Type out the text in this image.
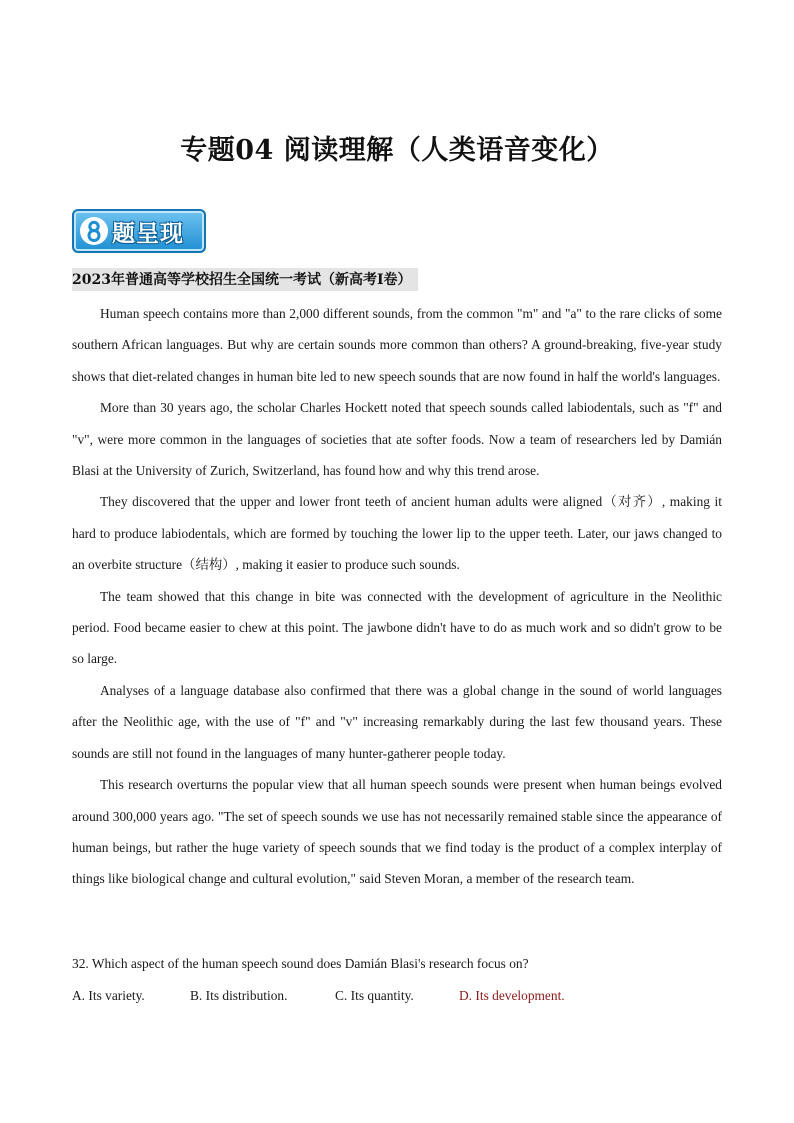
专题04 阅读理解（人类语音变化）
题呈现
2023年普通高等学校招生全国统一考试（新高考I卷）

Human speech contains more than 2,000 different sounds, from the common "m" and "a" to the rare clicks of some southern African languages. But why are certain sounds more common than others? A ground-breaking, five-year study shows that diet-related changes in human bite led to new speech sounds that are now found in half the world's languages.

More than 30 years ago, the scholar Charles Hockett noted that speech sounds called labiodentals, such as "f" and "v", were more common in the languages of societies that ate softer foods. Now a team of researchers led by Damián Blasi at the University of Zurich, Switzerland, has found how and why this trend arose.

They discovered that the upper and lower front teeth of ancient human adults were aligned（对齐）, making it hard to produce labiodentals, which are formed by touching the lower lip to the upper teeth. Later, our jaws changed to an overbite structure（结构）, making it easier to produce such sounds.

The team showed that this change in bite was connected with the development of agriculture in the Neolithic period. Food became easier to chew at this point. The jawbone didn't have to do as much work and so didn't grow to be so large.

Analyses of a language database also confirmed that there was a global change in the sound of world languages after the Neolithic age, with the use of "f" and "v" increasing remarkably during the last few thousand years. These sounds are still not found in the languages of many hunter-gatherer people today.

This research overturns the popular view that all human speech sounds were present when human beings evolved around 300,000 years ago. "The set of speech sounds we use has not necessarily remained stable since the appearance of human beings, but rather the huge variety of speech sounds that we find today is the product of a complex interplay of things like biological change and cultural evolution," said Steven Moran, a member of the research team.

32. Which aspect of the human speech sound does Damián Blasi's research focus on?
A. Its variety.	B. Its distribution.	C. Its quantity.	D. Its development.
